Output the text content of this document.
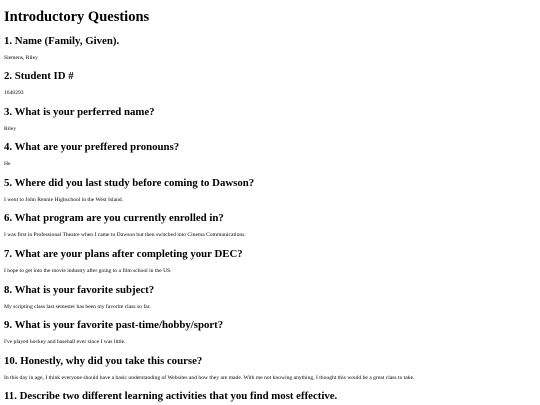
Introductory Questions
1. Name (Family, Given).

Siemens, Riley

2. Student ID #

1640293

3. What is your perferred name?

Riley

4. What are your preffered pronouns?

He

5. Where did you last study before coming to Dawson?

I went to John Rennie Highschool in the West Island.

6. What program are you currently enrolled in?

I was first in Professional Theatre when I came to Dawson but then switched into Cinema Communications.

7. What are your plans after completing your DEC?

I hope to get into the movie industry after going to a film school in the US.

8. What is your favorite subject?

My scripting class last semester has been my favorite class so far.

9. What is your favorite past-time/hobby/sport?

I've played hockey and baseball ever since I was little.

10. Honestly, why did you take this course?

In this day in age, I think everyone should have a basic understanding of Websites and how they are made. With me not knowing anything, I thought this would be a great class to take.

11. Describe two different learning activities that you find most effective.
